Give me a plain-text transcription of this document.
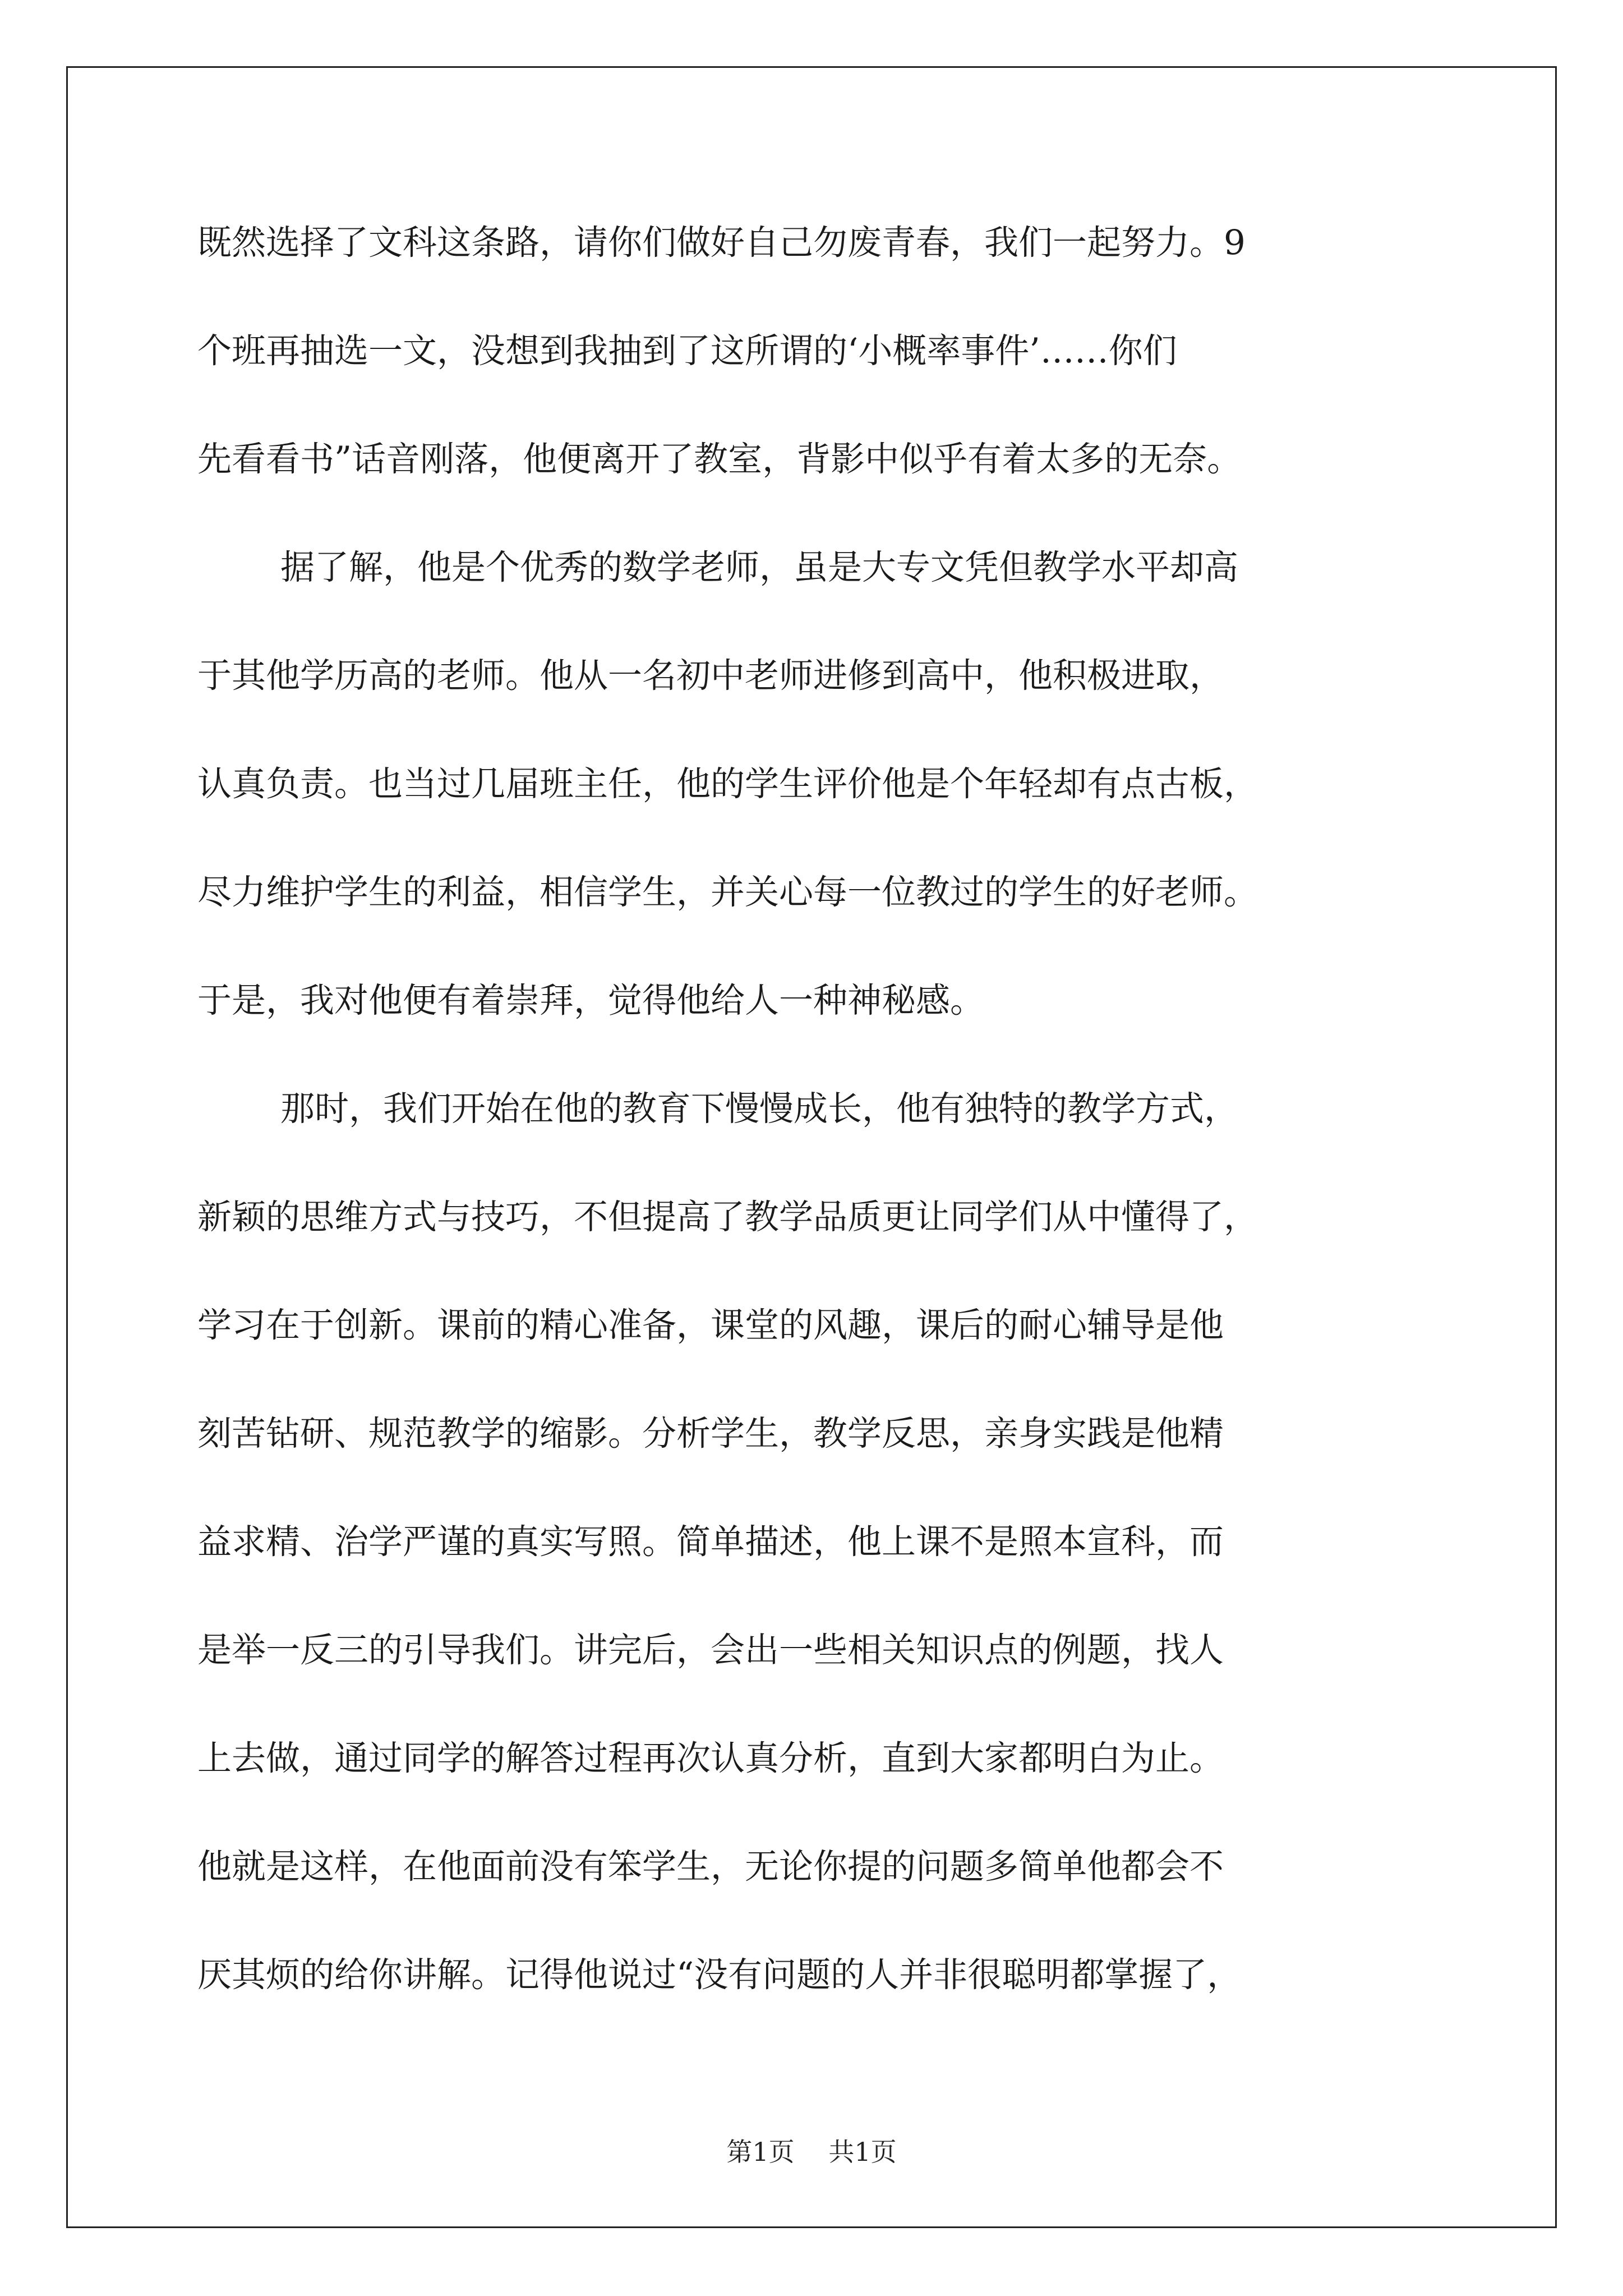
既然选择了文科这条路，请你们做好自己勿废青春，我们一起努力。9
个班再抽选一文，没想到我抽到了这所谓的‘小概率事件’……你们
先看看书”话音刚落，他便离开了教室，背影中似乎有着太多的无奈。
据了解，他是个优秀的数学老师，虽是大专文凭但教学水平却高
于其他学历高的老师。他从一名初中老师进修到高中，他积极进取，
认真负责。也当过几届班主任，他的学生评价他是个年轻却有点古板，
尽力维护学生的利益，相信学生，并关心每一位教过的学生的好老师。
于是，我对他便有着崇拜，觉得他给人一种神秘感。
那时，我们开始在他的教育下慢慢成长，他有独特的教学方式，
新颖的思维方式与技巧，不但提高了教学品质更让同学们从中懂得了，
学习在于创新。课前的精心准备，课堂的风趣，课后的耐心辅导是他
刻苦钻研、规范教学的缩影。分析学生，教学反思，亲身实践是他精
益求精、治学严谨的真实写照。简单描述，他上课不是照本宣科，而
是举一反三的引导我们。讲完后，会出一些相关知识点的例题，找人
上去做，通过同学的解答过程再次认真分析，直到大家都明白为止。
他就是这样，在他面前没有笨学生，无论你提的问题多简单他都会不
厌其烦的给你讲解。记得他说过“没有问题的人并非很聪明都掌握了，
第1页 共1页
